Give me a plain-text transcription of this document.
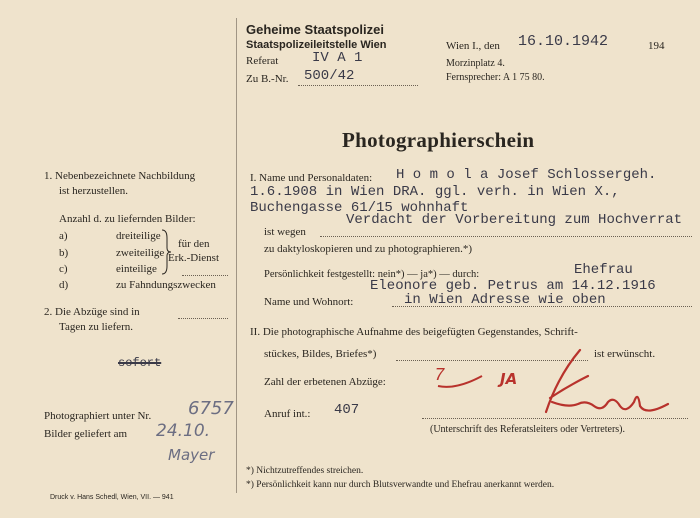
Geheime Staatspolizei
Staatspolizeileitstelle Wien
Referat IV A 1
Zu B.-Nr. 500/42
Wien I., den 16.10.1942	194
Morzinplatz 4.
Fernsprecher: A 1 75 80.
Photographierschein
1. Nebenbezeichnete Nachbildung
ist herzustellen.
Anzahl d. zu liefernden Bilder:
a)	dreiteilige
b)	zweiteilige
c)	einteilige
d)	zu Fahndungszwecken
für den
Erk.-Dienst
2. Die Abzüge sind in
Tagen zu liefern.
sofort
Photographiert unter Nr. 6757
Bilder geliefert am 24.10.
Mayer
Druck v. Hans Schedl, Wien, VII. — 941
I. Name und Personaldaten: H o m o l a Josef Schlossergeh.
1.6.1908 in Wien DRA. ggl. verh. in Wien X.,
Buchengasse 61/15 wohnhaft
ist wegen
Verdacht der Vorbereitung zum Hochverrat
zu daktyloskopieren und zu photographieren.*)
Persönlichkeit festgestellt: nein*) — ja*) — durch:	Ehefrau
Eleonore geb. Petrus am 14.12.1916
Name und Wohnort:	in Wien Adresse wie oben
II. Die photographische Aufnahme des beigefügten Gegenstandes, Schrift-
stückes, Bildes, Briefes*)	ist erwünscht.
Zahl der erbetenen Abzüge:	7	JA
Anruf int.: 407
(Unterschrift des Referatsleiters oder Vertreters).
*) Nichtzutreffendes streichen.
*) Persönlichkeit kann nur durch Blutsverwandte und Ehefrau anerkannt werden.
